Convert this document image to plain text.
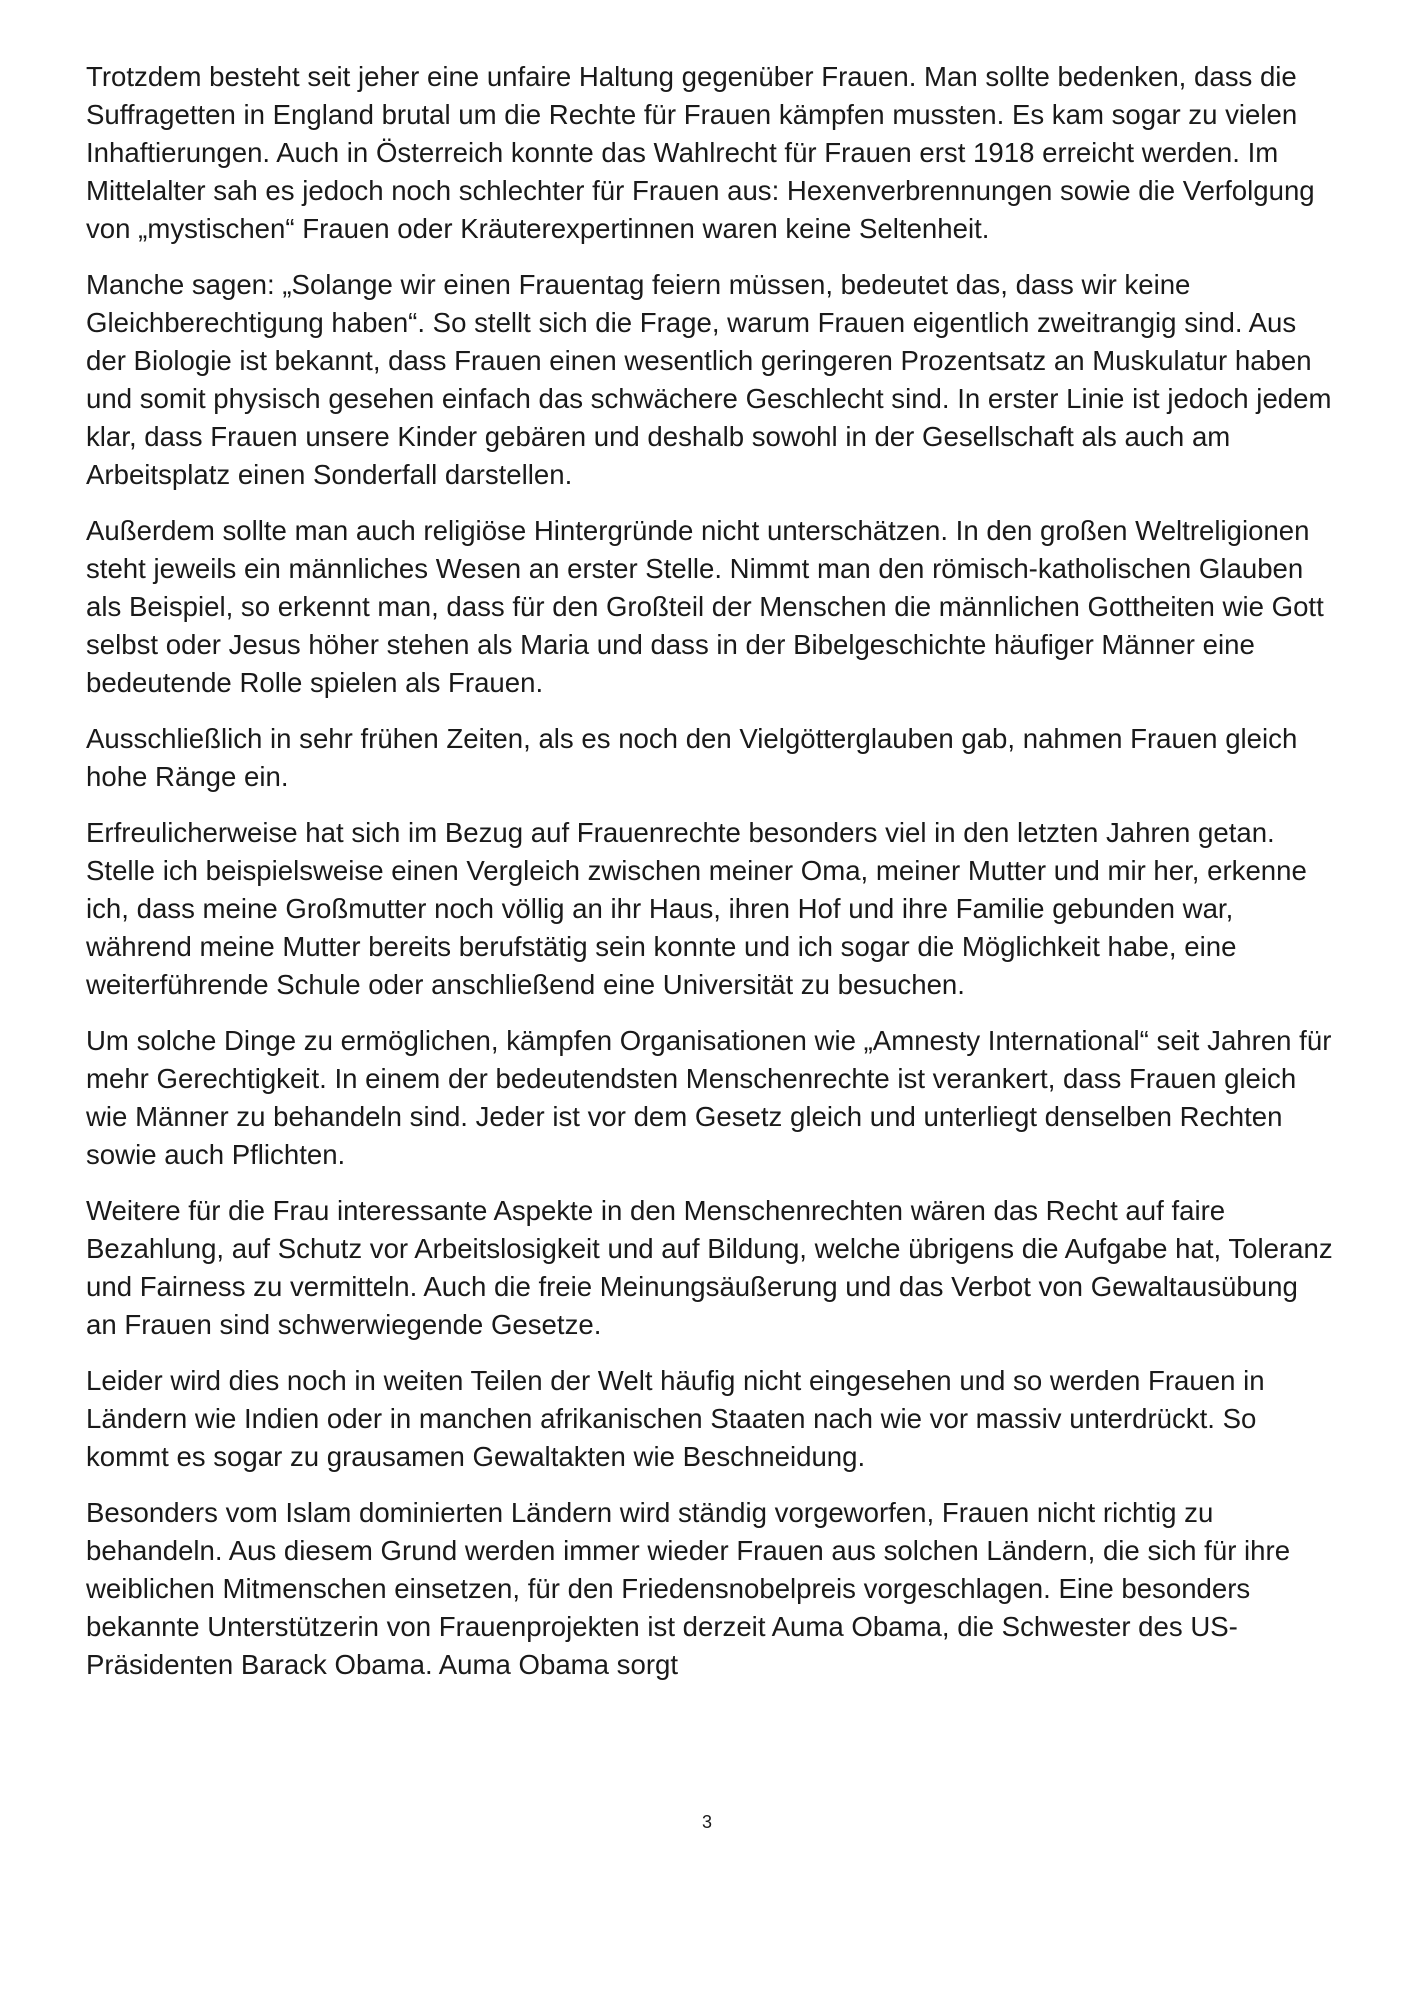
Trotzdem besteht seit jeher eine unfaire Haltung gegenüber Frauen. Man sollte bedenken, dass die Suffragetten in England brutal um die Rechte für Frauen kämpfen mussten. Es kam sogar zu vielen Inhaftierungen. Auch in Österreich konnte das Wahlrecht für Frauen erst 1918 erreicht werden. Im Mittelalter sah es jedoch noch schlechter für Frauen aus: Hexenverbrennungen sowie die Verfolgung von „mystischen“ Frauen oder Kräuterexpertinnen waren keine Seltenheit.

Manche sagen: „Solange wir einen Frauentag feiern müssen, bedeutet das, dass wir keine Gleichberechtigung haben“. So stellt sich die Frage, warum Frauen eigentlich zweitrangig sind. Aus der Biologie ist bekannt, dass Frauen einen wesentlich geringeren Prozentsatz an Muskulatur haben und somit physisch gesehen einfach das schwächere Geschlecht sind. In erster Linie ist jedoch jedem klar, dass Frauen unsere Kinder gebären und deshalb sowohl in der Gesellschaft als auch am Arbeitsplatz einen Sonderfall darstellen.

Außerdem sollte man auch religiöse Hintergründe nicht unterschätzen. In den großen Weltreligionen steht jeweils ein männliches Wesen an erster Stelle. Nimmt man den römisch-katholischen Glauben als Beispiel, so erkennt man, dass für den Großteil der Menschen die männlichen Gottheiten wie Gott selbst oder Jesus höher stehen als Maria und dass in der Bibelgeschichte häufiger Männer eine bedeutende Rolle spielen als Frauen.

Ausschließlich in sehr frühen Zeiten, als es noch den Vielgötterglauben gab, nahmen Frauen gleich hohe Ränge ein.

Erfreulicherweise hat sich im Bezug auf Frauenrechte besonders viel in den letzten Jahren getan. Stelle ich beispielsweise einen Vergleich zwischen meiner Oma, meiner Mutter und mir her, erkenne ich, dass meine Großmutter noch völlig an ihr Haus, ihren Hof und ihre Familie gebunden war, während meine Mutter bereits berufstätig sein konnte und ich sogar die Möglichkeit habe, eine weiterführende Schule oder anschließend eine Universität zu besuchen.

Um solche Dinge zu ermöglichen, kämpfen Organisationen wie „Amnesty International“ seit Jahren für mehr Gerechtigkeit. In einem der bedeutendsten Menschenrechte ist verankert, dass Frauen gleich wie Männer zu behandeln sind. Jeder ist vor dem Gesetz gleich und unterliegt denselben Rechten sowie auch Pflichten.

Weitere für die Frau interessante Aspekte in den Menschenrechten wären das Recht auf faire Bezahlung, auf Schutz vor Arbeitslosigkeit und auf Bildung, welche übrigens die Aufgabe hat, Toleranz und Fairness zu vermitteln. Auch die freie Meinungsäußerung und das Verbot von Gewaltausübung an Frauen sind schwerwiegende Gesetze.

Leider wird dies noch in weiten Teilen der Welt häufig nicht eingesehen und so werden Frauen in Ländern wie Indien oder in manchen afrikanischen Staaten nach wie vor massiv unterdrückt. So kommt es sogar zu grausamen Gewaltakten wie Beschneidung.

Besonders vom Islam dominierten Ländern wird ständig vorgeworfen, Frauen nicht richtig zu behandeln. Aus diesem Grund werden immer wieder Frauen aus solchen Ländern, die sich für ihre weiblichen Mitmenschen einsetzen, für den Friedensnobelpreis vorgeschlagen. Eine besonders bekannte Unterstützerin von Frauenprojekten ist derzeit Auma Obama, die Schwester des US-Präsidenten Barack Obama. Auma Obama sorgt

3
